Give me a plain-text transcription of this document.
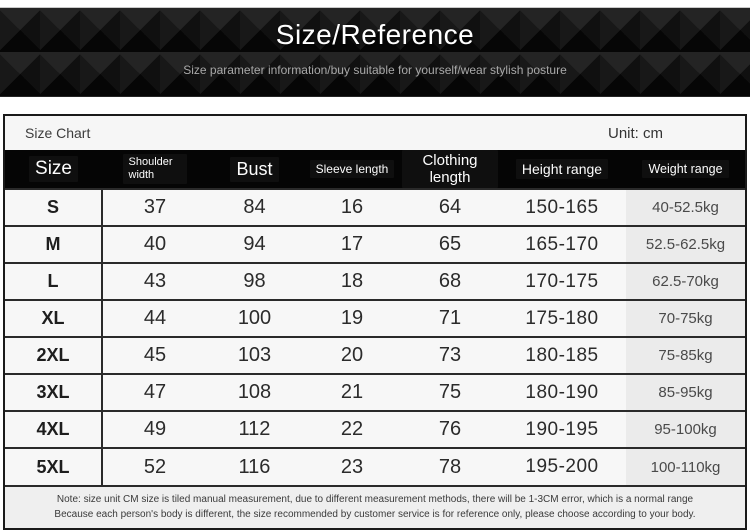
Size/Reference
Size parameter information/buy suitable for yourself/wear stylish posture
Size Chart	Unit: cm
Size	Shoulder width	Bust	Sleeve length	Clothing length	Height range	Weight range
S	37	84	16	64	150-165	40-52.5kg
M	40	94	17	65	165-170	52.5-62.5kg
L	43	98	18	68	170-175	62.5-70kg
XL	44	100	19	71	175-180	70-75kg
2XL	45	103	20	73	180-185	75-85kg
3XL	47	108	21	75	180-190	85-95kg
4XL	49	112	22	76	190-195	95-100kg
5XL	52	116	23	78	195-200	100-110kg

Note: size unit CM size is tiled manual measurement, due to different measurement methods, there will be 1-3CM error, which is a normal range

Because each person's body is different, the size recommended by customer service is for reference only, please choose according to your body.
